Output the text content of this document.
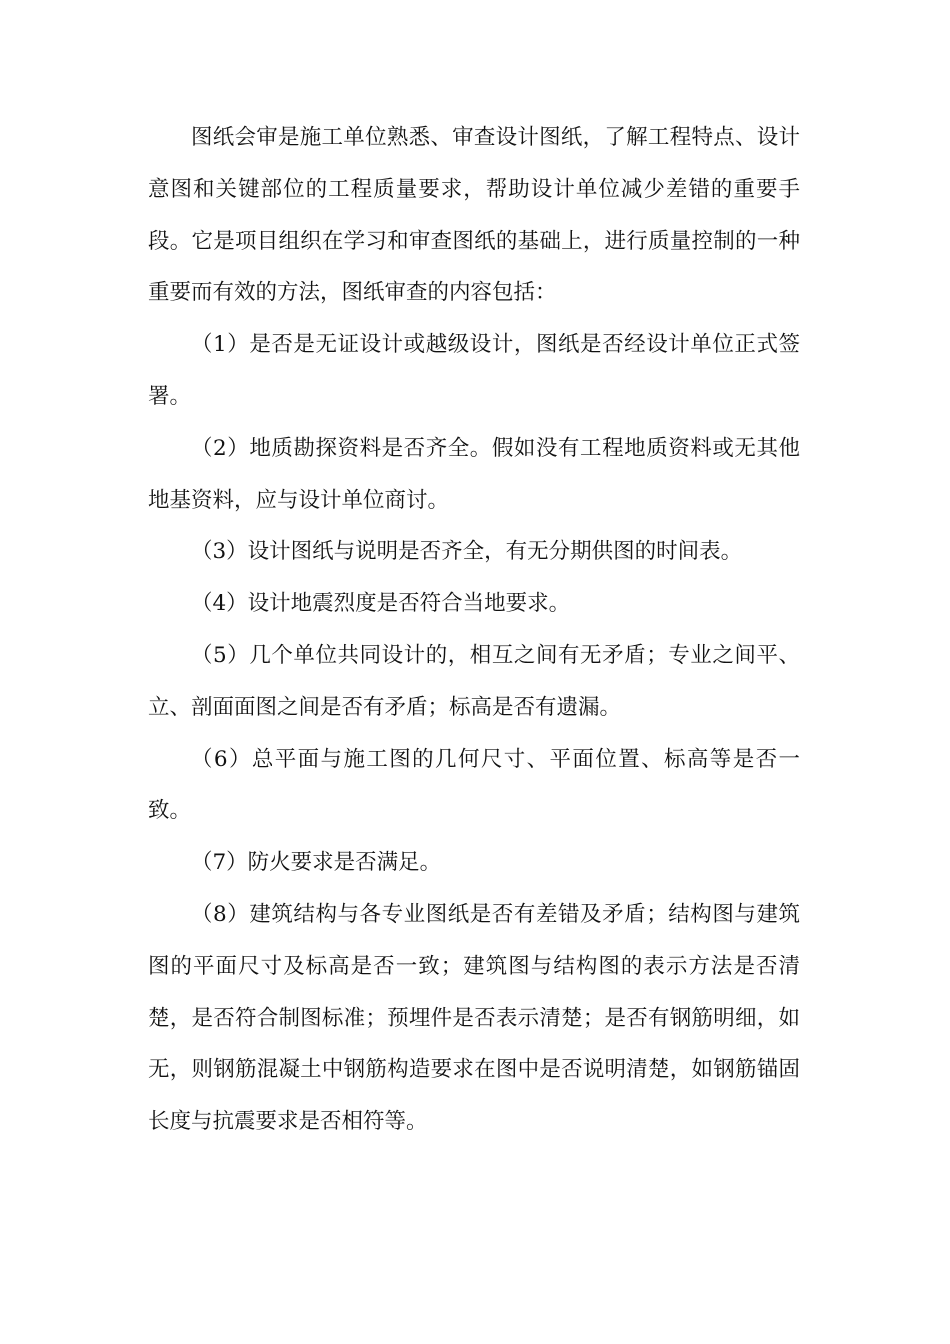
图纸会审是施工单位熟悉、审查设计图纸，了解工程特点、设计意图和关键部位的工程质量要求，帮助设计单位减少差错的重要手段。它是项目组织在学习和审查图纸的基础上，进行质量控制的一种重要而有效的方法，图纸审查的内容包括：

（1）是否是无证设计或越级设计，图纸是否经设计单位正式签署。

（2）地质勘探资料是否齐全。假如没有工程地质资料或无其他地基资料，应与设计单位商讨。

（3）设计图纸与说明是否齐全，有无分期供图的时间表。

（4）设计地震烈度是否符合当地要求。

（5）几个单位共同设计的，相互之间有无矛盾；专业之间平、立、剖面面图之间是否有矛盾；标高是否有遗漏。

（6）总平面与施工图的几何尺寸、平面位置、标高等是否一致。

（7）防火要求是否满足。

（8）建筑结构与各专业图纸是否有差错及矛盾；结构图与建筑图的平面尺寸及标高是否一致；建筑图与结构图的表示方法是否清楚，是否符合制图标准；预埋件是否表示清楚；是否有钢筋明细，如无，则钢筋混凝土中钢筋构造要求在图中是否说明清楚，如钢筋锚固长度与抗震要求是否相符等。
